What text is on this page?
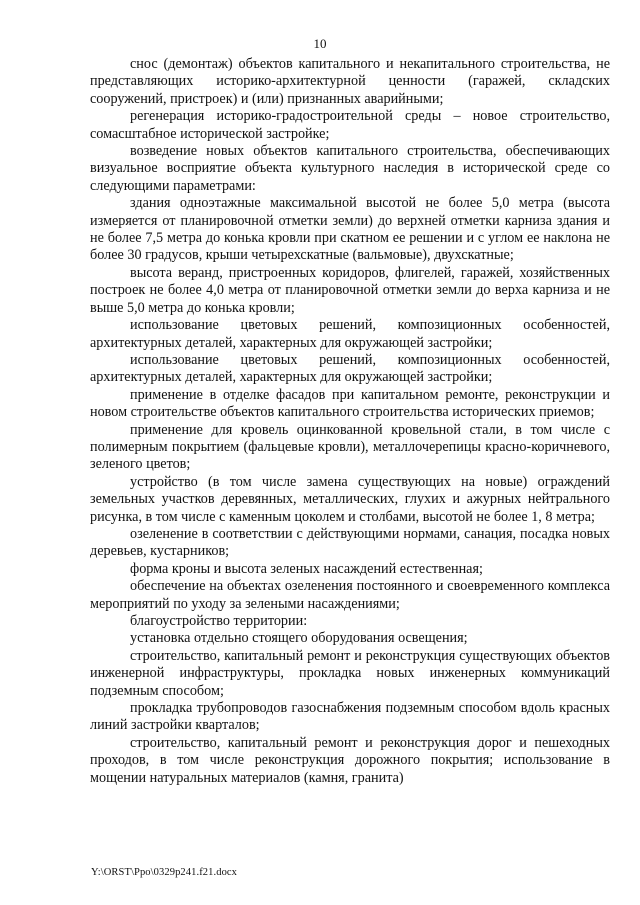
10

снос (демонтаж) объектов капитального и некапитального строительства, не представляющих историко-архитектурной ценности (гаражей, складских сооружений, пристроек) и (или) признанных аварийными;

регенерация историко-градостроительной среды – новое строительство, сомасштабное исторической застройке;

возведение новых объектов капитального строительства, обеспечивающих визуальное восприятие объекта культурного наследия в исторической среде со следующими параметрами:

здания одноэтажные максимальной высотой не более 5,0 метра (высота измеряется от планировочной отметки земли) до верхней отметки карниза здания и не более 7,5 метра до конька кровли при скатном ее решении и с углом ее наклона не более 30 градусов, крыши четырехскатные (вальмовые), двухскатные;

высота веранд, пристроенных коридоров, флигелей, гаражей, хозяйственных построек не более 4,0 метра от планировочной отметки земли до верха карниза и не выше 5,0 метра до конька кровли;

использование цветовых решений, композиционных особенностей, архитектурных деталей, характерных для окружающей застройки;

использование цветовых решений, композиционных особенностей, архитектурных деталей, характерных для окружающей застройки;

применение в отделке фасадов при капитальном ремонте, реконструкции и новом строительстве объектов капитального строительства исторических приемов;

применение для кровель оцинкованной кровельной стали, в том числе с полимерным покрытием (фальцевые кровли), металлочерепицы красно-коричневого, зеленого цветов;

устройство (в том числе замена существующих на новые) ограждений земельных участков деревянных, металлических, глухих и ажурных нейтрального рисунка, в том числе с каменным цоколем и столбами, высотой не более 1, 8 метра;

озеленение в соответствии с действующими нормами, санация, посадка новых деревьев, кустарников;

форма кроны и высота зеленых насаждений естественная;

обеспечение на объектах озеленения постоянного и своевременного комплекса мероприятий по уходу за зелеными насаждениями;

благоустройство территории:

установка отдельно стоящего оборудования освещения;

строительство, капитальный ремонт и реконструкция существующих объектов инженерной инфраструктуры, прокладка новых инженерных коммуникаций подземным способом;

прокладка трубопроводов газоснабжения подземным способом вдоль красных линий застройки кварталов;

строительство, капитальный ремонт и реконструкция дорог и пешеходных проходов, в том числе реконструкция дорожного покрытия; использование в мощении натуральных материалов (камня, гранита)

Y:\ORST\Ppo\0329p241.f21.docx
